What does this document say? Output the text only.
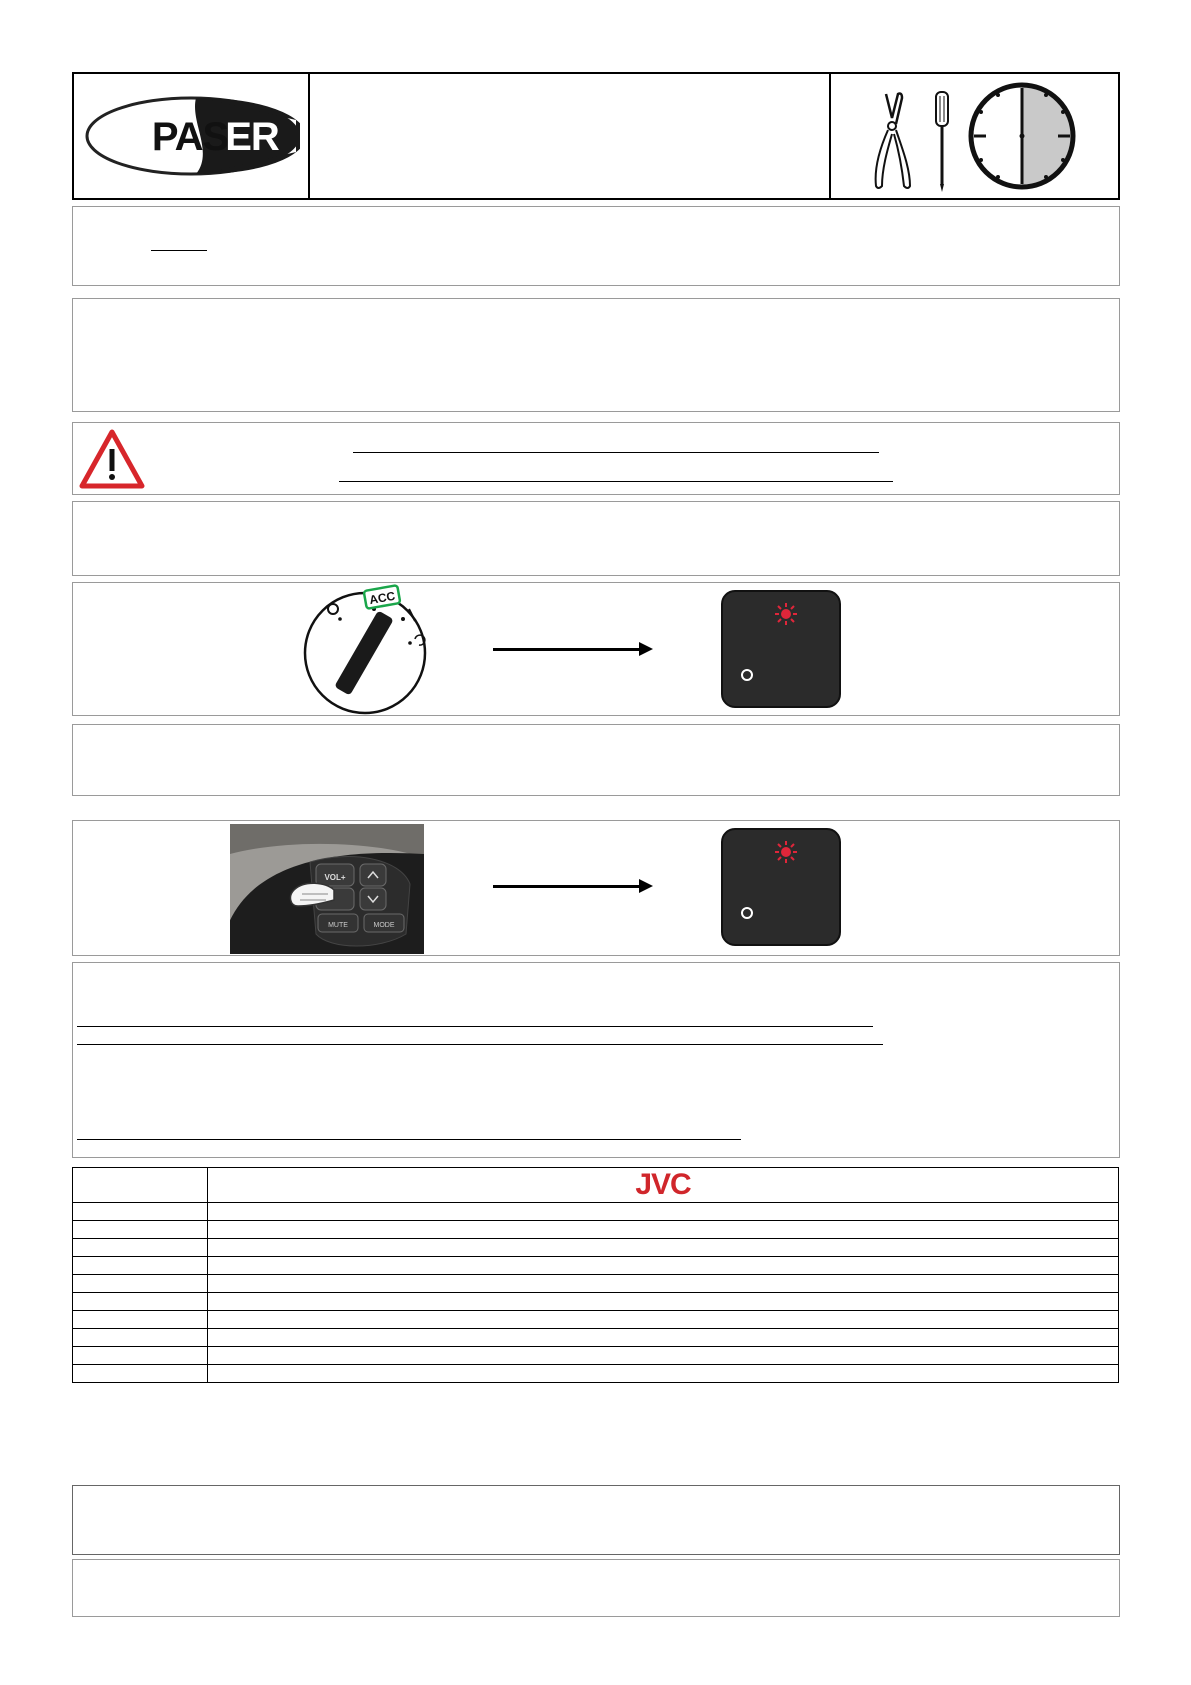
PAS
ER
ACC
VOL+
MUTE	MODE

	JVC
